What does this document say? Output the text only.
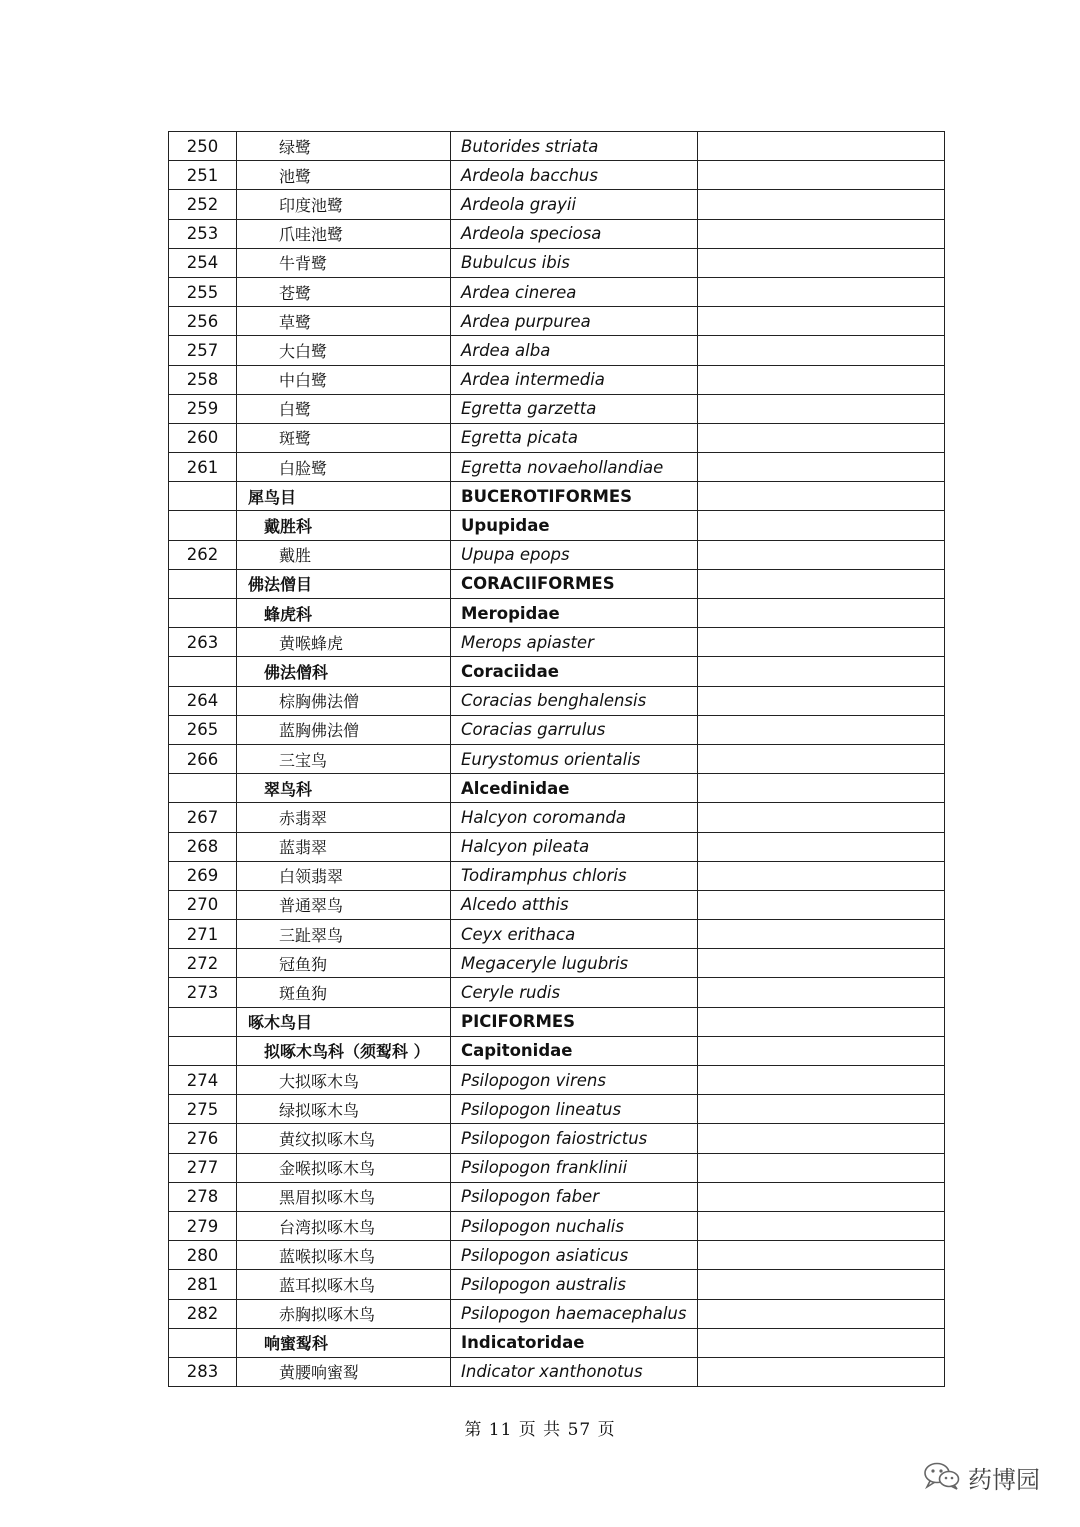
250	绿鹭	Butorides striata	
251	池鹭	Ardeola bacchus	
252	印度池鹭	Ardeola grayii	
253	爪哇池鹭	Ardeola speciosa	
254	牛背鹭	Bubulcus ibis	
255	苍鹭	Ardea cinerea	
256	草鹭	Ardea purpurea	
257	大白鹭	Ardea alba	
258	中白鹭	Ardea intermedia	
259	白鹭	Egretta garzetta	
260	斑鹭	Egretta picata	
261	白脸鹭	Egretta novaehollandiae	
	犀鸟目	BUCEROTIFORMES	
	戴胜科	Upupidae	
262	戴胜	Upupa epops	
	佛法僧目	CORACIIFORMES	
	蜂虎科	Meropidae	
263	黄喉蜂虎	Merops apiaster	
	佛法僧科	Coraciidae	
264	棕胸佛法僧	Coracias benghalensis	
265	蓝胸佛法僧	Coracias garrulus	
266	三宝鸟	Eurystomus orientalis	
	翠鸟科	Alcedinidae	
267	赤翡翠	Halcyon coromanda	
268	蓝翡翠	Halcyon pileata	
269	白领翡翠	Todiramphus chloris	
270	普通翠鸟	Alcedo atthis	
271	三趾翠鸟	Ceyx erithaca	
272	冠鱼狗	Megaceryle lugubris	
273	斑鱼狗	Ceryle rudis	
	啄木鸟目	PICIFORMES	
	拟啄木鸟科（须䴕科 ）	Capitonidae	
274	大拟啄木鸟	Psilopogon virens	
275	绿拟啄木鸟	Psilopogon lineatus	
276	黄纹拟啄木鸟	Psilopogon faiostrictus	
277	金喉拟啄木鸟	Psilopogon franklinii	
278	黑眉拟啄木鸟	Psilopogon faber	
279	台湾拟啄木鸟	Psilopogon nuchalis	
280	蓝喉拟啄木鸟	Psilopogon asiaticus	
281	蓝耳拟啄木鸟	Psilopogon australis	
282	赤胸拟啄木鸟	Psilopogon haemacephalus	
	响蜜䴕科	Indicatoridae	
283	黄腰响蜜䴕	Indicator xanthonotus	
第 11 页 共 57 页
药博园
